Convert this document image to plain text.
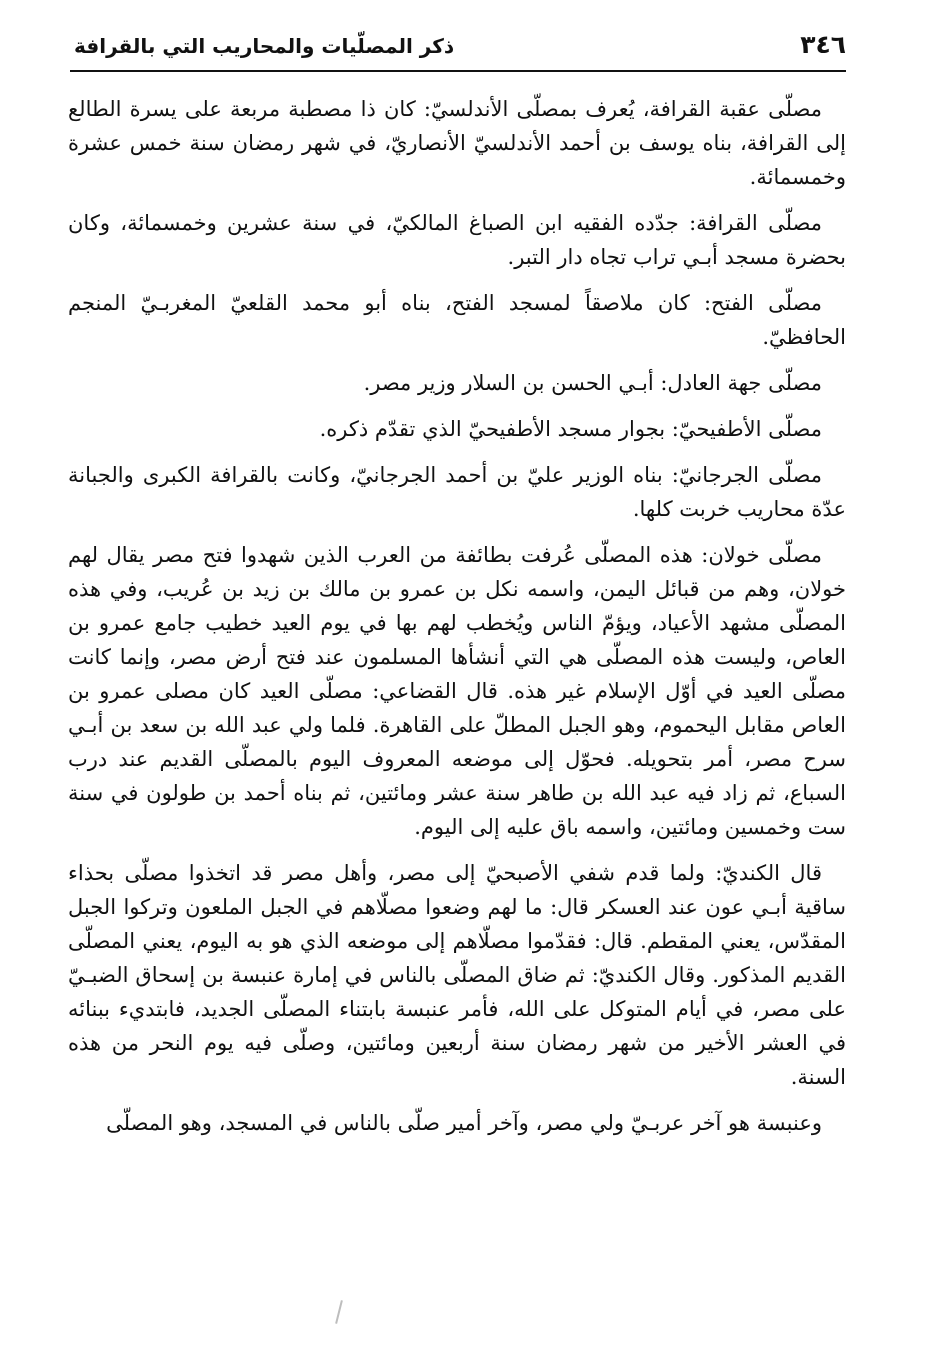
٣٤٦
ذكر المصلّيات والمحاريب التي بالقرافة

مصلّى عقبة القرافة، يُعرف بمصلّى الأندلسيّ: كان ذا مصطبة مربعة على يسرة الطالع إلى القرافة، بناه يوسف بن أحمد الأندلسيّ الأنصاريّ، في شهر رمضان سنة خمس عشرة وخمسمائة.

مصلّى القرافة: جدّده الفقيه ابن الصباغ المالكيّ، في سنة عشرين وخمسمائة، وكان بحضرة مسجد أبـي تراب تجاه دار التبر.

مصلّى الفتح: كان ملاصقاً لمسجد الفتح، بناه أبو محمد القلعيّ المغربـيّ المنجم الحافظيّ.

مصلّى جهة العادل: أبـي الحسن بن السلار وزير مصر.

مصلّى الأطفيحيّ: بجوار مسجد الأطفيحيّ الذي تقدّم ذكره.

مصلّى الجرجانيّ: بناه الوزير عليّ بن أحمد الجرجانيّ، وكانت بالقرافة الكبرى والجبانة عدّة محاريب خربت كلها.

مصلّى خولان: هذه المصلّى عُرفت بطائفة من العرب الذين شهدوا فتح مصر يقال لهم خولان، وهم من قبائل اليمن، واسمه نكل بن عمرو بن مالك بن زيد بن عُريب، وفي هذه المصلّى مشهد الأعياد، ويؤمّ الناس ويُخطب لهم بها في يوم العيد خطيب جامع عمرو بن العاص، وليست هذه المصلّى هي التي أنشأها المسلمون عند فتح أرض مصر، وإنما كانت مصلّى العيد في أوّل الإسلام غير هذه. قال القضاعي: مصلّى العيد كان مصلى عمرو بن العاص مقابل اليحموم، وهو الجبل المطلّ على القاهرة. فلما ولي عبد الله بن سعد بن أبـي سرح مصر، أمر بتحويله. فحوّل إلى موضعه المعروف اليوم بالمصلّى القديم عند درب السباع، ثم زاد فيه عبد الله بن طاهر سنة عشر ومائتين، ثم بناه أحمد بن طولون في سنة ست وخمسين ومائتين، واسمه باق عليه إلى اليوم.

قال الكنديّ: ولما قدم شفي الأصبحيّ إلى مصر، وأهل مصر قد اتخذوا مصلّى بحذاء ساقية أبـي عون عند العسكر قال: ما لهم وضعوا مصلّاهم في الجبل الملعون وتركوا الجبل المقدّس، يعني المقطم. قال: فقدّموا مصلّاهم إلى موضعه الذي هو به اليوم، يعني المصلّى القديم المذكور. وقال الكنديّ: ثم ضاق المصلّى بالناس في إمارة عنبسة بن إسحاق الضبـيّ على مصر، في أيام المتوكل على الله، فأمر عنبسة بابتناء المصلّى الجديد، فابتديء ببنائه في العشر الأخير من شهر رمضان سنة أربعين ومائتين، وصلّى فيه يوم النحر من هذه السنة.

وعنبسة هو آخر عربـيّ ولي مصر، وآخر أمير صلّى بالناس في المسجد، وهو المصلّى
